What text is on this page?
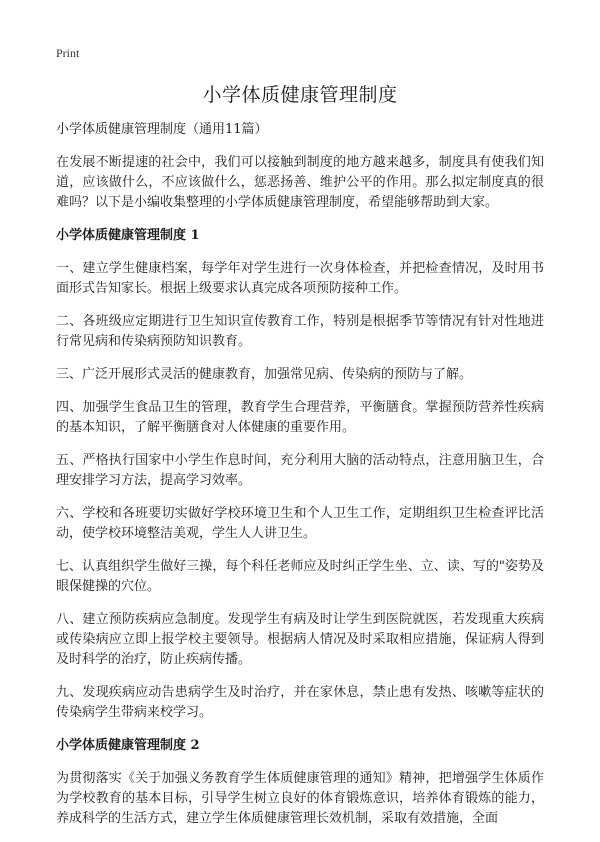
Print
小学体质健康管理制度
小学体质健康管理制度（通用11篇）

在发展不断提速的社会中，我们可以接触到制度的地方越来越多，制度具有使我们知道，应该做什么，不应该做什么，惩恶扬善、维护公平的作用。那么拟定制度真的很难吗？以下是小编收集整理的小学体质健康管理制度，希望能够帮助到大家。

小学体质健康管理制度 1

一、建立学生健康档案，每学年对学生进行一次身体检查，并把检查情况，及时用书面形式告知家长。根据上级要求认真完成各项预防接种工作。

二、各班级应定期进行卫生知识宣传教育工作，特别是根据季节等情况有针对性地进行常见病和传染病预防知识教育。

三、广泛开展形式灵活的健康教育，加强常见病、传染病的预防与了解。

四、加强学生食品卫生的管理，教育学生合理营养，平衡膳食。掌握预防营养性疾病的基本知识，了解平衡膳食对人体健康的重要作用。

五、严格执行国家中小学生作息时间，充分利用大脑的活动特点，注意用脑卫生，合理安排学习方法，提高学习效率。

六、学校和各班要切实做好学校环境卫生和个人卫生工作，定期组织卫生检查评比活动，使学校环境整洁美观，学生人人讲卫生。

七、认真组织学生做好三操，每个科任老师应及时纠正学生坐、立、读、写的"姿势及眼保健操的穴位。

八、建立预防疾病应急制度。发现学生有病及时让学生到医院就医，若发现重大疾病或传染病应立即上报学校主要领导。根据病人情况及时采取相应措施，保证病人得到及时科学的治疗，防止疾病传播。

九、发现疾病应动告患病学生及时治疗，并在家休息，禁止患有发热、咳嗽等症状的传染病学生带病来校学习。

小学体质健康管理制度 2

为贯彻落实《关于加强义务教育学生体质健康管理的通知》精神，把增强学生体质作为学校教育的基本目标，引导学生树立良好的体育锻炼意识，培养体育锻炼的能力，养成科学的生活方式，建立学生体质健康管理长效机制，采取有效措施，全面
